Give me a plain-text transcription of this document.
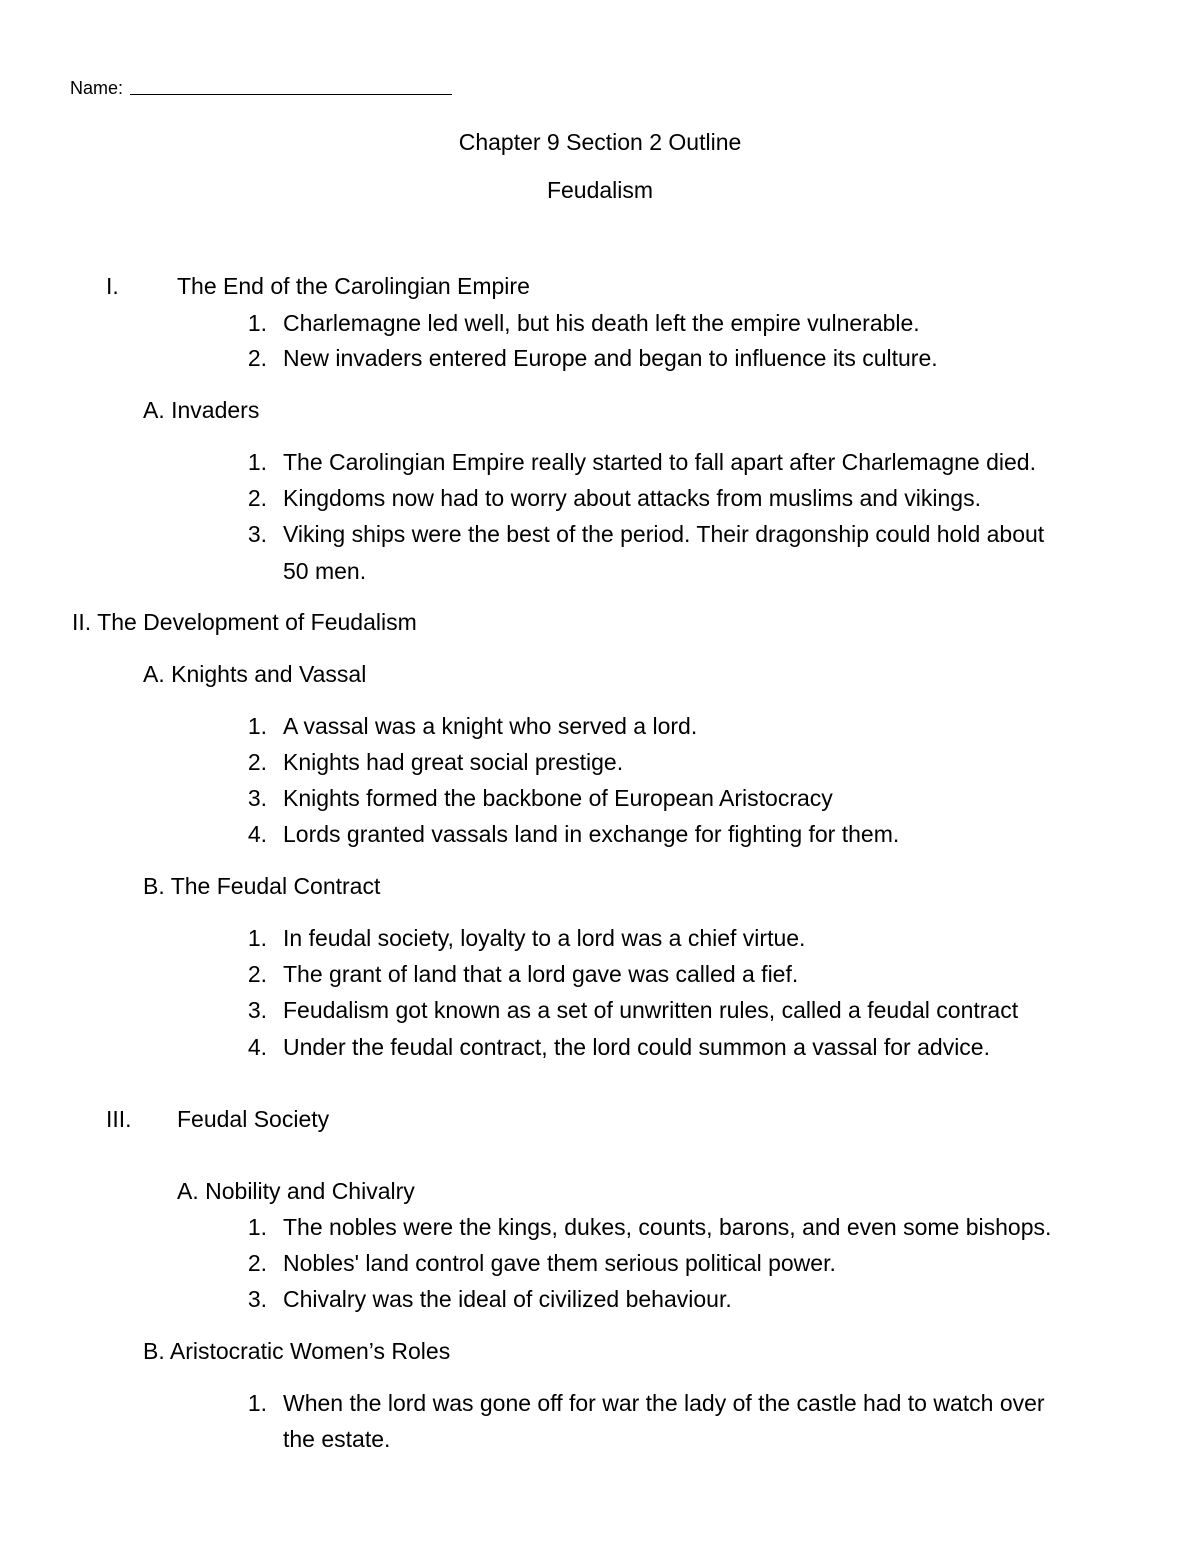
Name:
Chapter 9 Section 2 Outline
Feudalism
I.	The End of the Carolingian Empire
1. Charlemagne led well, but his death left the empire vulnerable.
2. New invaders entered Europe and began to influence its culture.
A. Invaders
1. The Carolingian Empire really started to fall apart after Charlemagne died.
2. Kingdoms now had to worry about attacks from muslims and vikings.
3. Viking ships were the best of the period. Their dragonship could hold about
50 men.
II. The Development of Feudalism
A. Knights and Vassal
1. A vassal was a knight who served a lord.
2. Knights had great social prestige.
3. Knights formed the backbone of European Aristocracy
4. Lords granted vassals land in exchange for fighting for them.
B. The Feudal Contract
1. In feudal society, loyalty to a lord was a chief virtue.
2. The grant of land that a lord gave was called a fief.
3. Feudalism got known as a set of unwritten rules, called a feudal contract
4. Under the feudal contract, the lord could summon a vassal for advice.
III. Feudal Society
A. Nobility and Chivalry
1. The nobles were the kings, dukes, counts, barons, and even some bishops.
2. Nobles' land control gave them serious political power.
3. Chivalry was the ideal of civilized behaviour.
B. Aristocratic Women’s Roles
1. When the lord was gone off for war the lady of the castle had to watch over
the estate.
